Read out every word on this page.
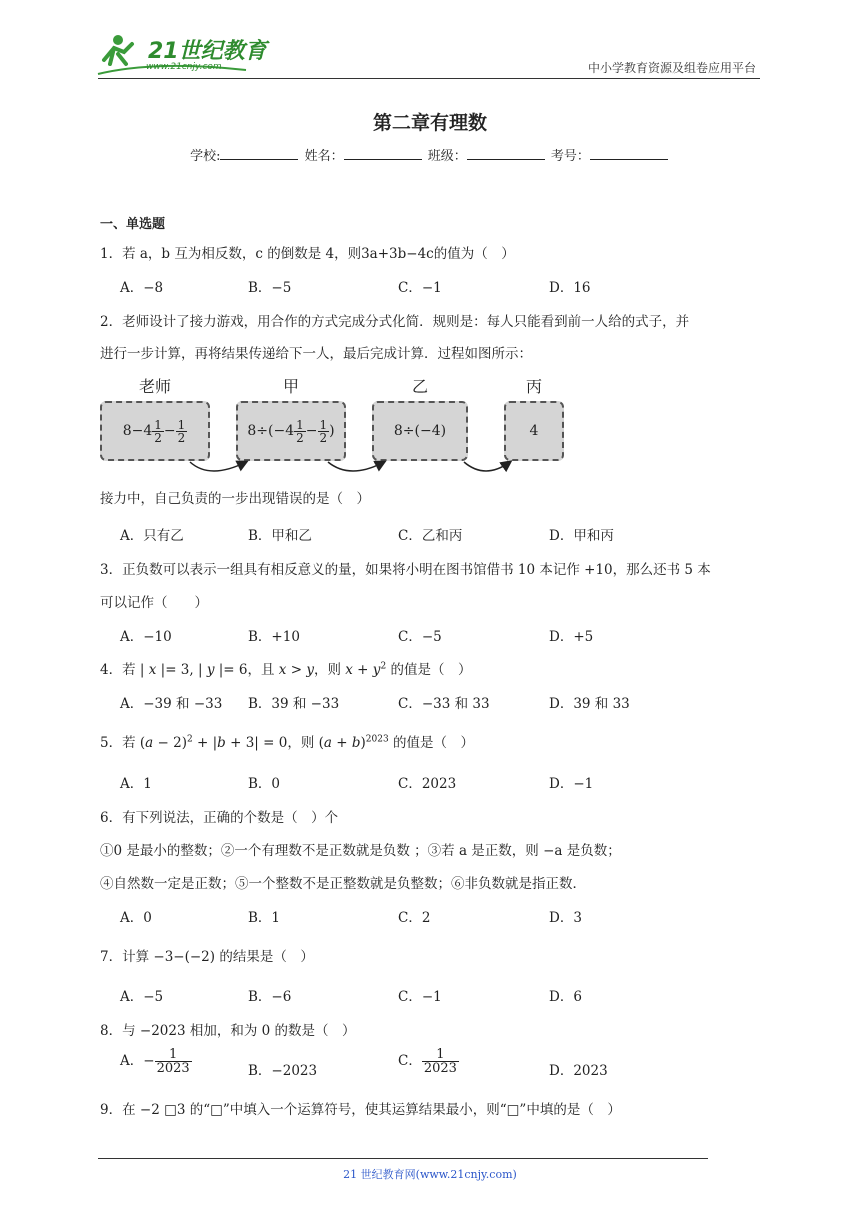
21世纪教育
www.21cnjy.com	中小学教育资源及组卷应用平台
第二章有理数
学校:	姓名：	班级：	考号：
一、单选题
1．若 a，b 互为相反数，c 的倒数是 4，则3a+3b−4c的值为（　）
A．−8	B．−5	C．−1	D．16
2．老师设计了接力游戏，用合作的方式完成分式化简．规则是：每人只能看到前一人给的式子，并
进行一步计算，再将结果传递给下一人，最后完成计算．过程如图所示：
老师	甲	乙	丙
$8-4 \frac{1}{2} - \frac{1}{2}$	$8\div(-4 \frac{1}{2} - \frac{1}{2}$ )	8÷(−4)	4
接力中，自己负责的一步出现错误的是（　）
A．只有乙	B．甲和乙	C．乙和丙	D．甲和丙
3．正负数可以表示一组具有相反意义的量，如果将小明在图书馆借书 10 本记作 +10，那么还书 5 本
可以记作（　　）
A．−10	B．+10	C．−5	D．+5
4．若 | x |= 3, | y |= 6，且 x > y，则 $x + y^2$ 的值是（　）
A．−39 和 −33 B．39 和 −33	C．−33 和 33	D．39 和 33
5．若 $(a - 2)^2 + |b + 3| = 0$，则 $(a + b)^{2023}$ 的值是（　）
A．1	B．0	C．2023	D．−1
6．有下列说法，正确的个数是（　）个
①0 是最小的整数；②一个有理数不是正数就是负数 ；③若 a 是正数，则 −a 是负数；
④自然数一定是正数；⑤一个整数不是正整数就是负整数；⑥非负数就是指正数．
A．0	B．1	C．2	D．3
7．计算 −3−(−2) 的结果是（　）
A．−5	B．−6	C．−1	D．6
8．与 −2023 相加，和为 0 的数是（　）
A．− $\frac{1}{2023}$	B．−2023
C． $\frac{1}{2023}$	D．2023
9．在 −2 □3 的“□”中填入一个运算符号，使其运算结果最小，则“□”中填的是（　）
21 世纪教育网(www.21cnjy.com)
